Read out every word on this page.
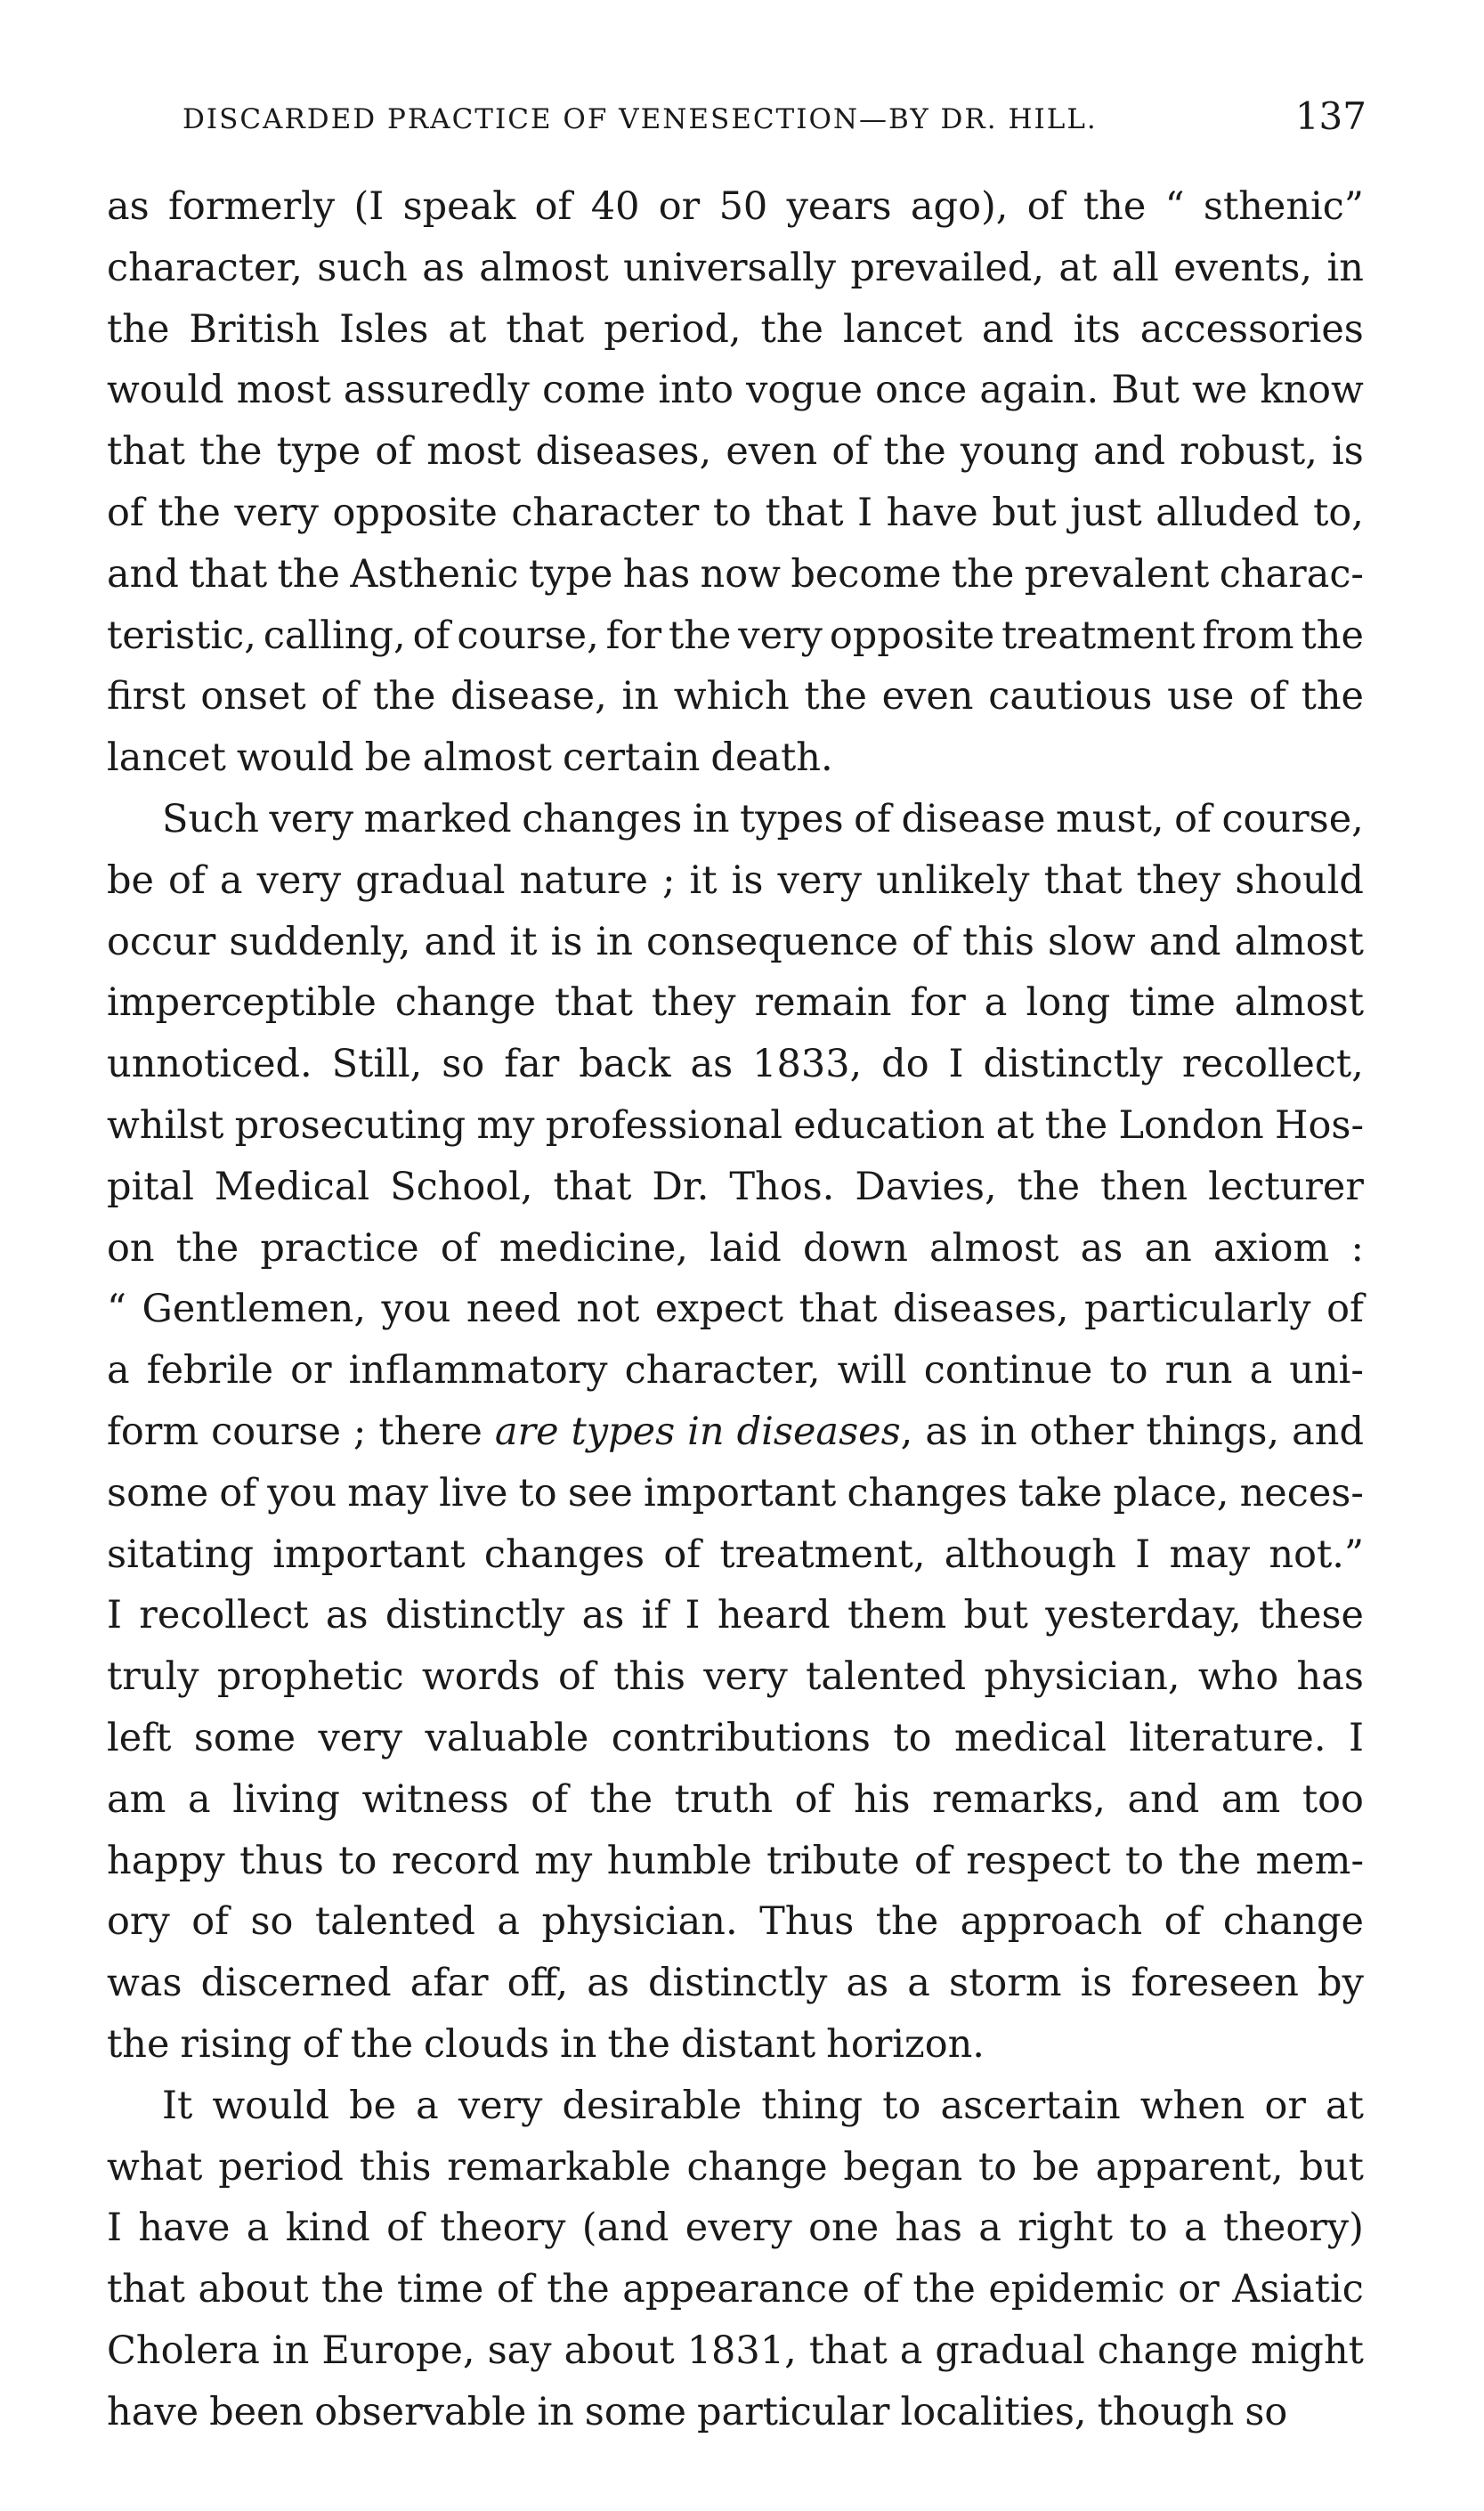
DISCARDED PRACTICE OF VENESECTION—BY DR. HILL.	137
as formerly (I speak of 40 or 50 years ago), of the “ sthenic”
character, such as almost universally prevailed, at all events, in
the British Isles at that period, the lancet and its accessories
would most assuredly come into vogue once again. But we know
that the type of most diseases, even of the young and robust, is
of the very opposite character to that I have but just alluded to,
and that the Asthenic type has now become the prevalent charac-
teristic, calling, of course, for the very opposite treatment from the
first onset of the disease, in which the even cautious use of the
lancet would be almost certain death.
Such very marked changes in types of disease must, of course,
be of a very gradual nature ; it is very unlikely that they should
occur suddenly, and it is in consequence of this slow and almost
imperceptible change that they remain for a long time almost
unnoticed. Still, so far back as 1833, do I distinctly recollect,
whilst prosecuting my professional education at the London Hos-
pital Medical School, that Dr. Thos. Davies, the then lecturer
on the practice of medicine, laid down almost as an axiom :
“ Gentlemen, you need not expect that diseases, particularly of
a febrile or inflammatory character, will continue to run a uni-
form course ; there are types in diseases, as in other things, and
some of you may live to see important changes take place, neces-
sitating important changes of treatment, although I may not.”
I recollect as distinctly as if I heard them but yesterday, these
truly prophetic words of this very talented physician, who has
left some very valuable contributions to medical literature. I
am a living witness of the truth of his remarks, and am too
happy thus to record my humble tribute of respect to the mem-
ory of so talented a physician. Thus the approach of change
was discerned afar off, as distinctly as a storm is foreseen by
the rising of the clouds in the distant horizon.
It would be a very desirable thing to ascertain when or at
what period this remarkable change began to be apparent, but
I have a kind of theory (and every one has a right to a theory)
that about the time of the appearance of the epidemic or Asiatic
Cholera in Europe, say about 1831, that a gradual change might
have been observable in some particular localities, though so
